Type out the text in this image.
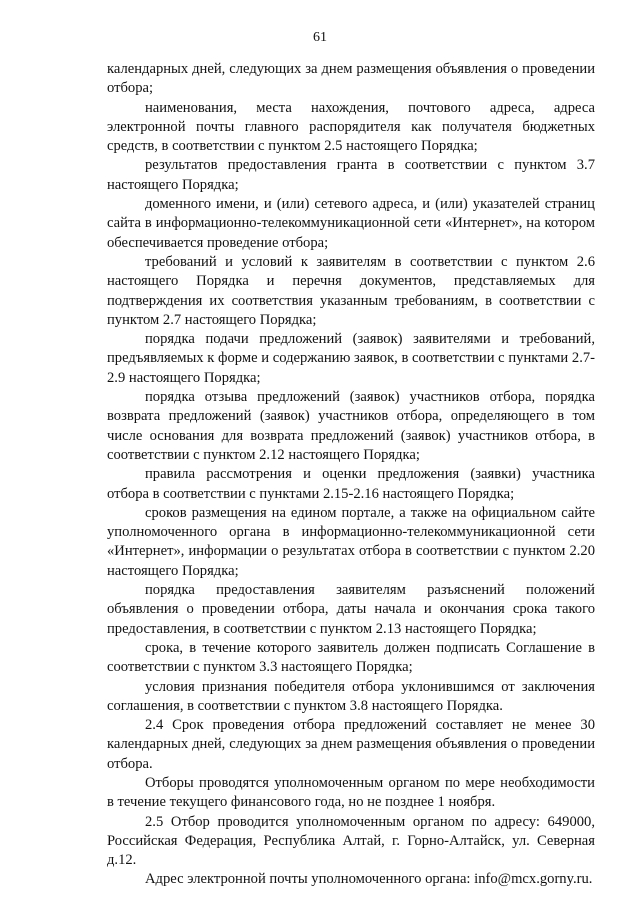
61

календарных дней, следующих за днем размещения объявления о проведении отбора;

наименования, места нахождения, почтового адреса, адреса электронной почты главного распорядителя как получателя бюджетных средств, в соответствии с пунктом 2.5 настоящего Порядка;

результатов предоставления гранта в соответствии с пунктом 3.7 настоящего Порядка;

доменного имени, и (или) сетевого адреса, и (или) указателей страниц сайта в информационно-телекоммуникационной сети «Интернет», на котором обеспечивается проведение отбора;

требований и условий к заявителям в соответствии с пунктом 2.6 настоящего Порядка и перечня документов, представляемых для подтверждения их соответствия указанным требованиям, в соответствии с пунктом 2.7 настоящего Порядка;

порядка подачи предложений (заявок) заявителями и требований, предъявляемых к форме и содержанию заявок, в соответствии с пунктами 2.7-2.9 настоящего Порядка;

порядка отзыва предложений (заявок) участников отбора, порядка возврата предложений (заявок) участников отбора, определяющего в том числе основания для возврата предложений (заявок) участников отбора, в соответствии с пунктом 2.12 настоящего Порядка;

правила рассмотрения и оценки предложения (заявки) участника отбора в соответствии с пунктами 2.15-2.16 настоящего Порядка;

сроков размещения на едином портале, а также на официальном сайте уполномоченного органа в информационно-телекоммуникационной сети «Интернет», информации о результатах отбора в соответствии с пунктом 2.20 настоящего Порядка;

порядка предоставления заявителям разъяснений положений объявления о проведении отбора, даты начала и окончания срока такого предоставления, в соответствии с пунктом 2.13 настоящего Порядка;

срока, в течение которого заявитель должен подписать Соглашение в соответствии с пунктом 3.3 настоящего Порядка;

условия признания победителя отбора уклонившимся от заключения соглашения, в соответствии с пунктом 3.8 настоящего Порядка.

2.4 Срок проведения отбора предложений составляет не менее 30 календарных дней, следующих за днем размещения объявления о проведении отбора.

Отборы проводятся уполномоченным органом по мере необходимости в течение текущего финансового года, но не позднее 1 ноября.

2.5 Отбор проводится уполномоченным органом по адресу: 649000, Российская Федерация, Республика Алтай, г. Горно-Алтайск, ул. Северная д.12.

Адрес электронной почты уполномоченного органа: info@mcx.gorny.ru.
